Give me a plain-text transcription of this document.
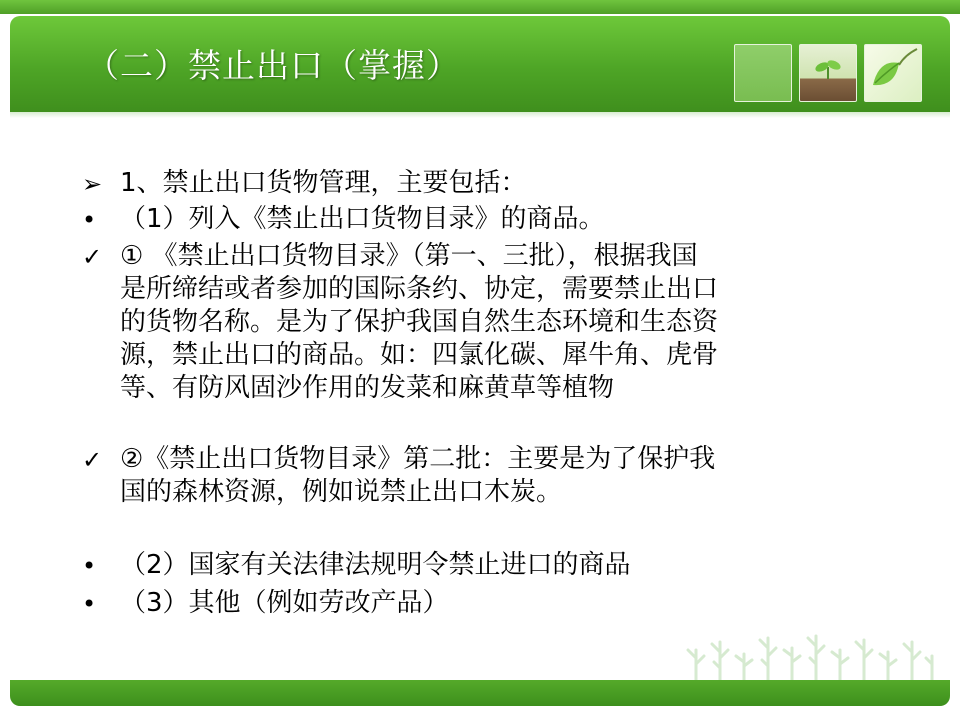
（二）禁止出口（掌握）
➢ 1、禁止出口货物管理，主要包括：
• （1）列入《禁止出口货物目录》的商品。
✓ ① 《禁止出口货物目录》（第一、三批），根据我国
是所缔结或者参加的国际条约、协定，需要禁止出口
的货物名称。是为了保护我国自然生态环境和生态资
源，禁止出口的商品。如：四氯化碳、犀牛角、虎骨
等、有防风固沙作用的发菜和麻黄草等植物
✓ ②《禁止出口货物目录》第二批：主要是为了保护我
国的森林资源，例如说禁止出口木炭。
• （2）国家有关法律法规明令禁止进口的商品
• （3）其他（例如劳改产品）
